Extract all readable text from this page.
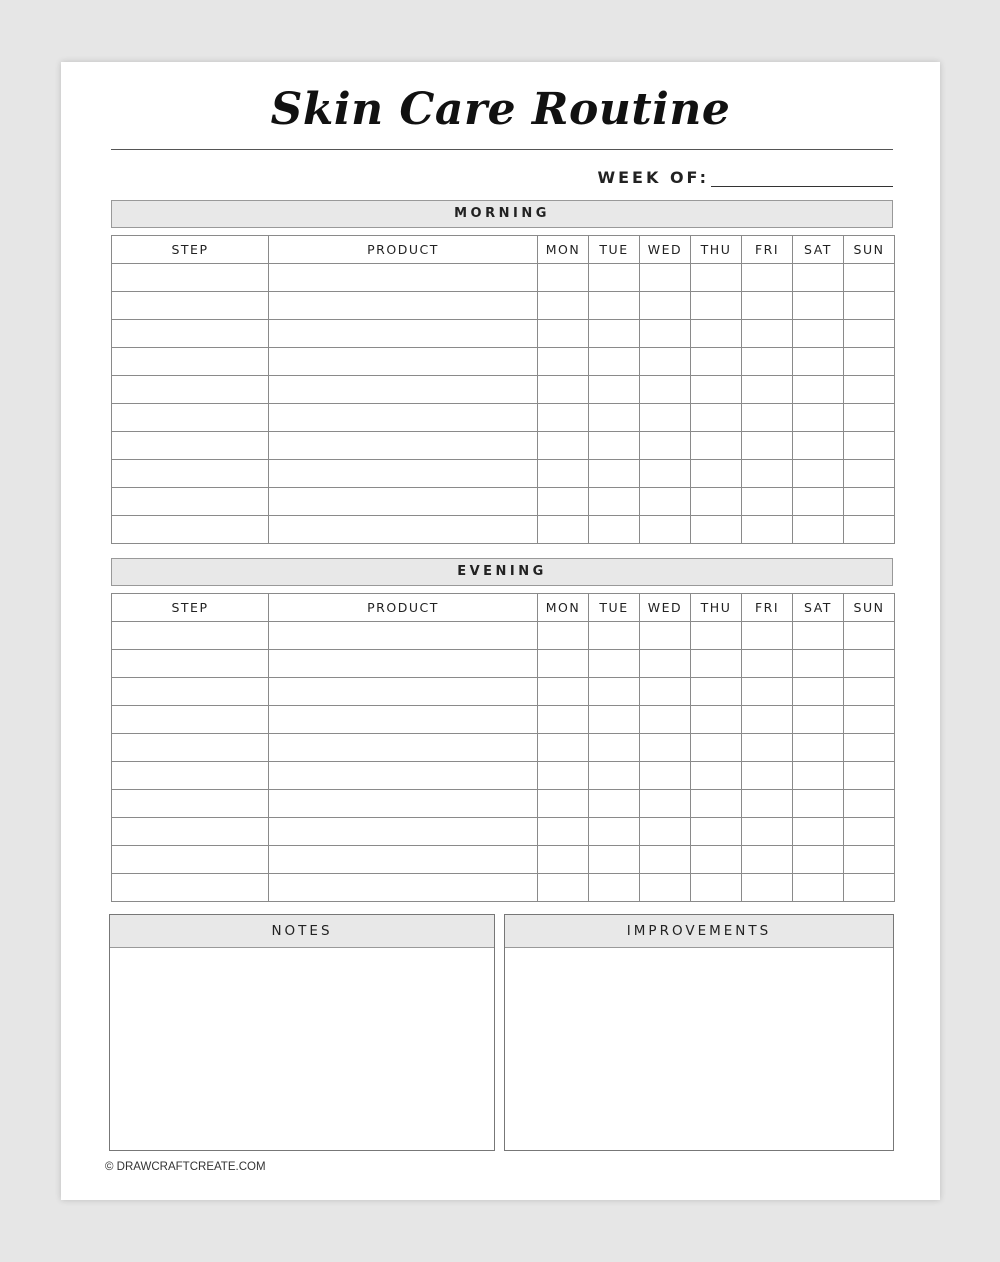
Skin Care Routine
WEEK OF:
MORNING
STEP	PRODUCT	MON	TUE	WED	THU	FRI	SAT	SUN

EVENING
STEP	PRODUCT	MON	TUE	WED	THU	FRI	SAT	SUN

NOTES	IMPROVEMENTS
© DRAWCRAFTCREATE.COM
